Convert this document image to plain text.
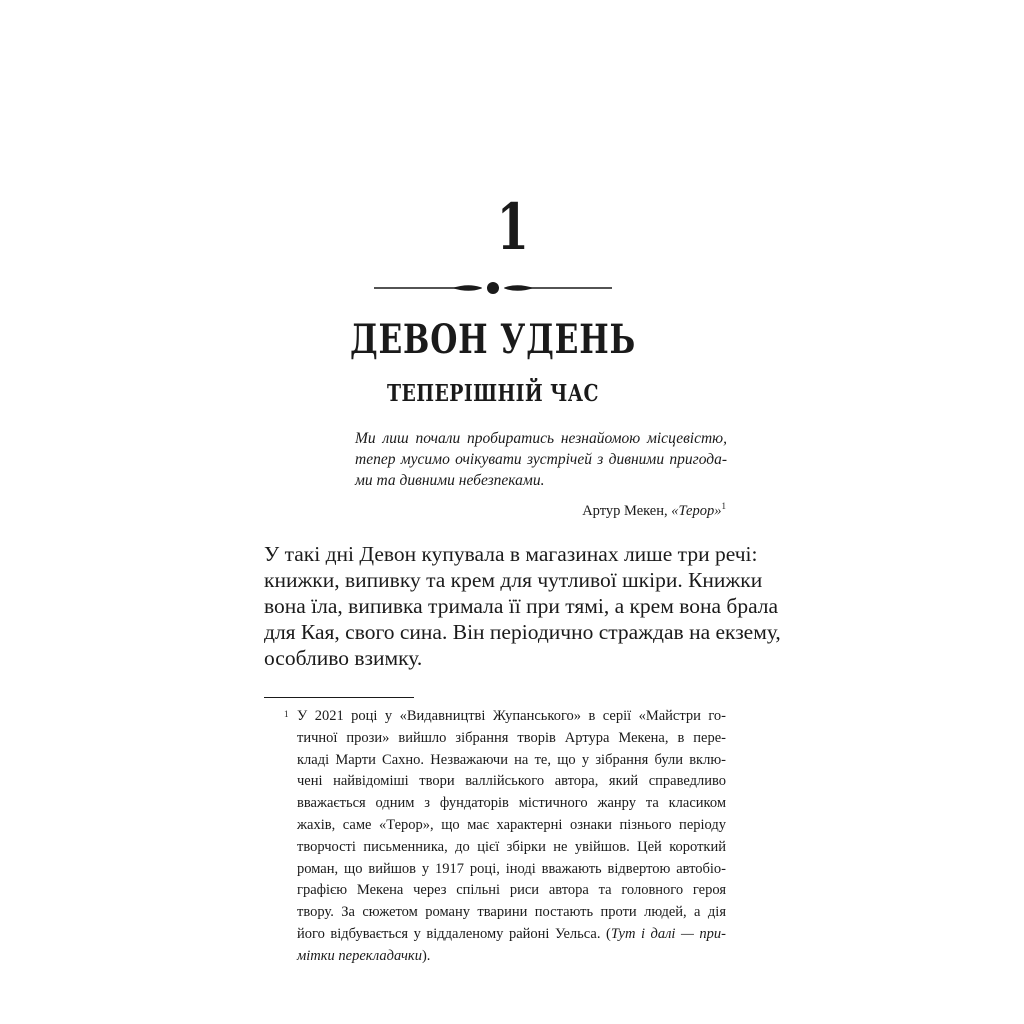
1
ДЕВОН УДЕНЬ
ТЕПЕРІШНІЙ ЧАС
Ми лиш почали пробиратись незнайомою місцевістю,
тепер мусимо очікувати зустрічей з дивними пригода-
ми та дивними небезпеками.
Артур Мекен, «Терор»$^1$
У такі дні Девон купувала в магазинах лише три речі:
книжки, випивку та крем для чутливої шкіри. Книжки
вона їла, випивка тримала її при тямі, а крем вона брала
для Кая, свого сина. Він періодично страждав на екзему,
особливо взимку.
1 У 2021 році у «Видавництві Жупанського» в серії «Майстри го-
тичної прози» вийшло зібрання творів Артура Мекена, в пере-
кладі Марти Сахно. Незважаючи на те, що у зібрання були вклю-
чені найвідоміші твори валлійського автора, який справедливо
вважається одним з фундаторів містичного жанру та класиком
жахів, саме «Терор», що має характерні ознаки пізнього періоду
творчості письменника, до цієї збірки не увійшов. Цей короткий
роман, що вийшов у 1917 році, іноді вважають відвертою автобіо-
графією Мекена через спільні риси автора та головного героя
твору. За сюжетом роману тварини постають проти людей, а дія
його відбувається у віддаленому районі Уельса. (Тут і далі — при-
мітки перекладачки).
